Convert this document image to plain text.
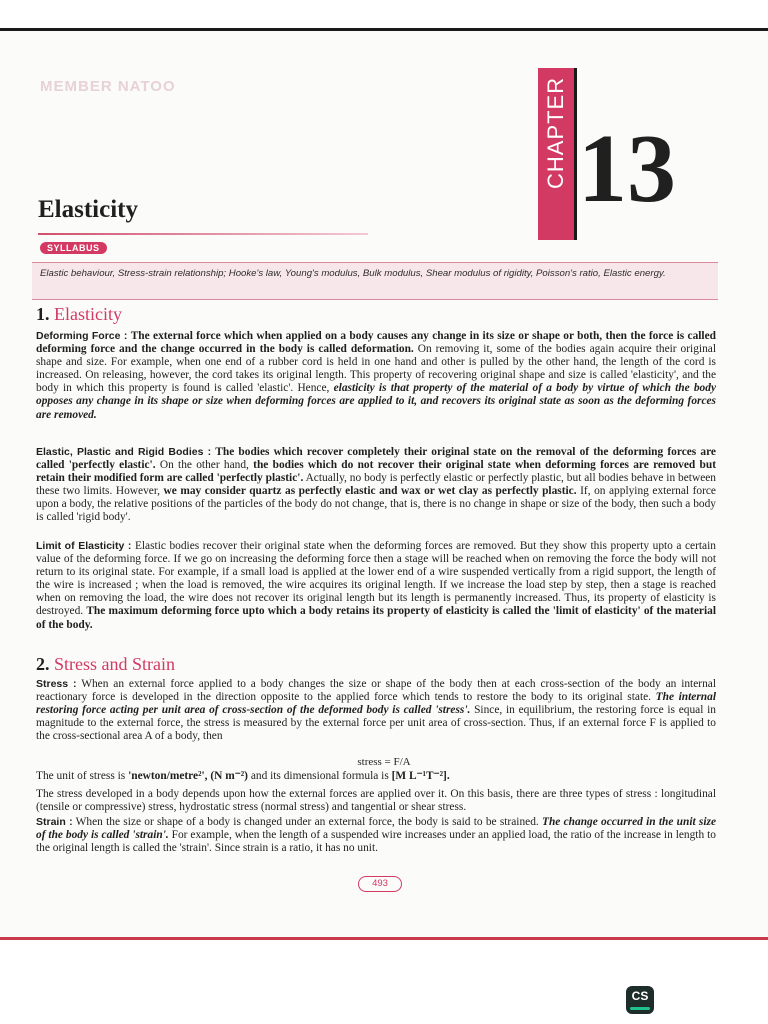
MEMBER NATOO	CHAPTER 13
Elasticity
SYLLABUS
Elastic behaviour, Stress-strain relationship; Hooke's law, Young's modulus, Bulk modulus, Shear modulus of rigidity, Poisson's ratio, Elastic energy.
1. Elasticity
Deforming Force : The external force which when applied on a body causes any change in its size or shape or both, then the force is called deforming force and the change occurred in the body is called deformation. On removing it, some of the bodies again acquire their original shape and size. For example, when one end of a rubber cord is held in one hand and other is pulled by the other hand, the length of the cord is increased. On releasing, however, the cord takes its original length. This property of recovering original shape and size is called 'elasticity', and the body in which this property is found is called 'elastic'. Hence, elasticity is that property of the material of a body by virtue of which the body opposes any change in its shape or size when deforming forces are applied to it, and recovers its original state as soon as the deforming forces are removed.
Elastic, Plastic and Rigid Bodies : The bodies which recover completely their original state on the removal of the deforming forces are called 'perfectly elastic'. On the other hand, the bodies which do not recover their original state when deforming forces are removed but retain their modified form are called 'perfectly plastic'. Actually, no body is perfectly elastic or perfectly plastic, but all bodies behave in between these two limits. However, we may consider quartz as perfectly elastic and wax or wet clay as perfectly plastic. If, on applying external force upon a body, the relative positions of the particles of the body do not change, that is, there is no change in shape or size of the body, then such a body is called 'rigid body'.
Limit of Elasticity : Elastic bodies recover their original state when the deforming forces are removed. But they show this property upto a certain value of the deforming force. If we go on increasing the deforming force then a stage will be reached when on removing the force the body will not return to its original state. For example, if a small load is applied at the lower end of a wire suspended vertically from a rigid support, the length of the wire is increased ; when the load is removed, the wire acquires its original length. If we increase the load step by step, then a stage is reached when on removing the load, the wire does not recover its original length but its length is permanently increased. Thus, its property of elasticity is destroyed. The maximum deforming force upto which a body retains its property of elasticity is called the 'limit of elasticity' of the material of the body.
2. Stress and Strain
Stress : When an external force applied to a body changes the size or shape of the body then at each cross-section of the body an internal reactionary force is developed in the direction opposite to the applied force which tends to restore the body to its original state. The internal restoring force acting per unit area of cross-section of the deformed body is called 'stress'. Since, in equilibrium, the restoring force is equal in magnitude to the external force, the stress is measured by the external force per unit area of cross-section. Thus, if an external force F is applied to the cross-sectional area A of a body, then
stress = F/A
The unit of stress is 'newton/metre²', (N m⁻²) and its dimensional formula is [M L⁻¹T⁻²].
The stress developed in a body depends upon how the external forces are applied over it. On this basis, there are three types of stress : longitudinal (tensile or compressive) stress, hydrostatic stress (normal stress) and tangential or shear stress.
Strain : When the size or shape of a body is changed under an external force, the body is said to be strained. The change occurred in the unit size of the body is called 'strain'. For example, when the length of a suspended wire increases under an applied load, the ratio of the increase in length to the original length is called the 'strain'. Since strain is a ratio, it has no unit.
493
CS
